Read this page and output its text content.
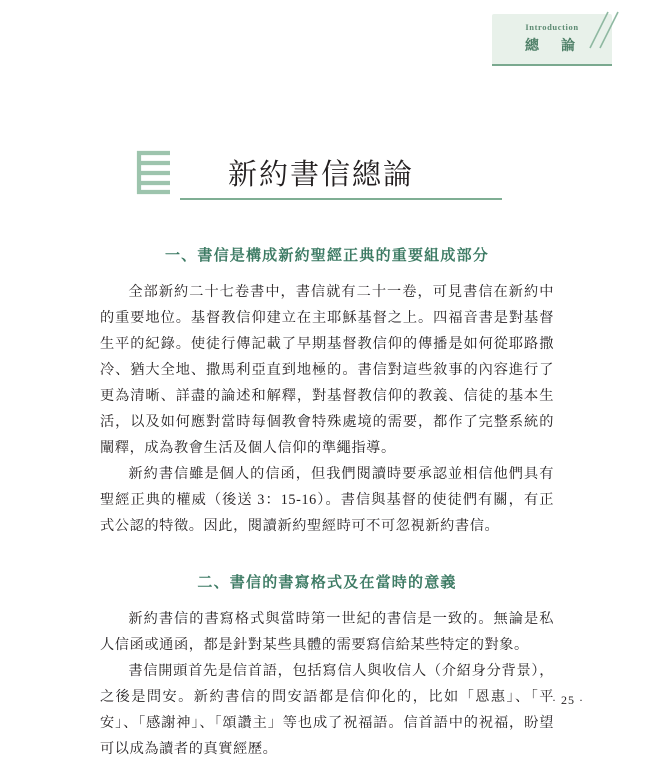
Introduction
總　論
新約書信總論
一、書信是構成新約聖經正典的重要組成部分

全部新約二十七卷書中，書信就有二十一卷，可見書信在新約中的重要地位。基督教信仰建立在主耶穌基督之上。四福音書是對基督生平的紀錄。使徒行傳記載了早期基督教信仰的傳播是如何從耶路撒冷、猶大全地、撒馬利亞直到地極的。書信對這些敘事的內容進行了更為清晰、詳盡的論述和解釋，對基督教信仰的教義、信徒的基本生活，以及如何應對當時每個教會特殊處境的需要，都作了完整系統的闡釋，成為教會生活及個人信仰的準繩指導。

新約書信雖是個人的信函，但我們閱讀時要承認並相信他們具有聖經正典的權威（後送 3：15-16）。書信與基督的使徒們有關，有正式公認的特徵。因此，閱讀新約聖經時可不可忽視新約書信。

二、書信的書寫格式及在當時的意義

新約書信的書寫格式與當時第一世紀的書信是一致的。無論是私人信函或通函，都是針對某些具體的需要寫信給某些特定的對象。

書信開頭首先是信首語，包括寫信人與收信人（介紹身分背景），之後是問安。新約書信的問安語都是信仰化的，比如「恩惠」、「平安」、「感謝神」、「頌讚主」等也成了祝福語。信首語中的祝福，盼望可以成為讀者的真實經歷。

· 25 ·
